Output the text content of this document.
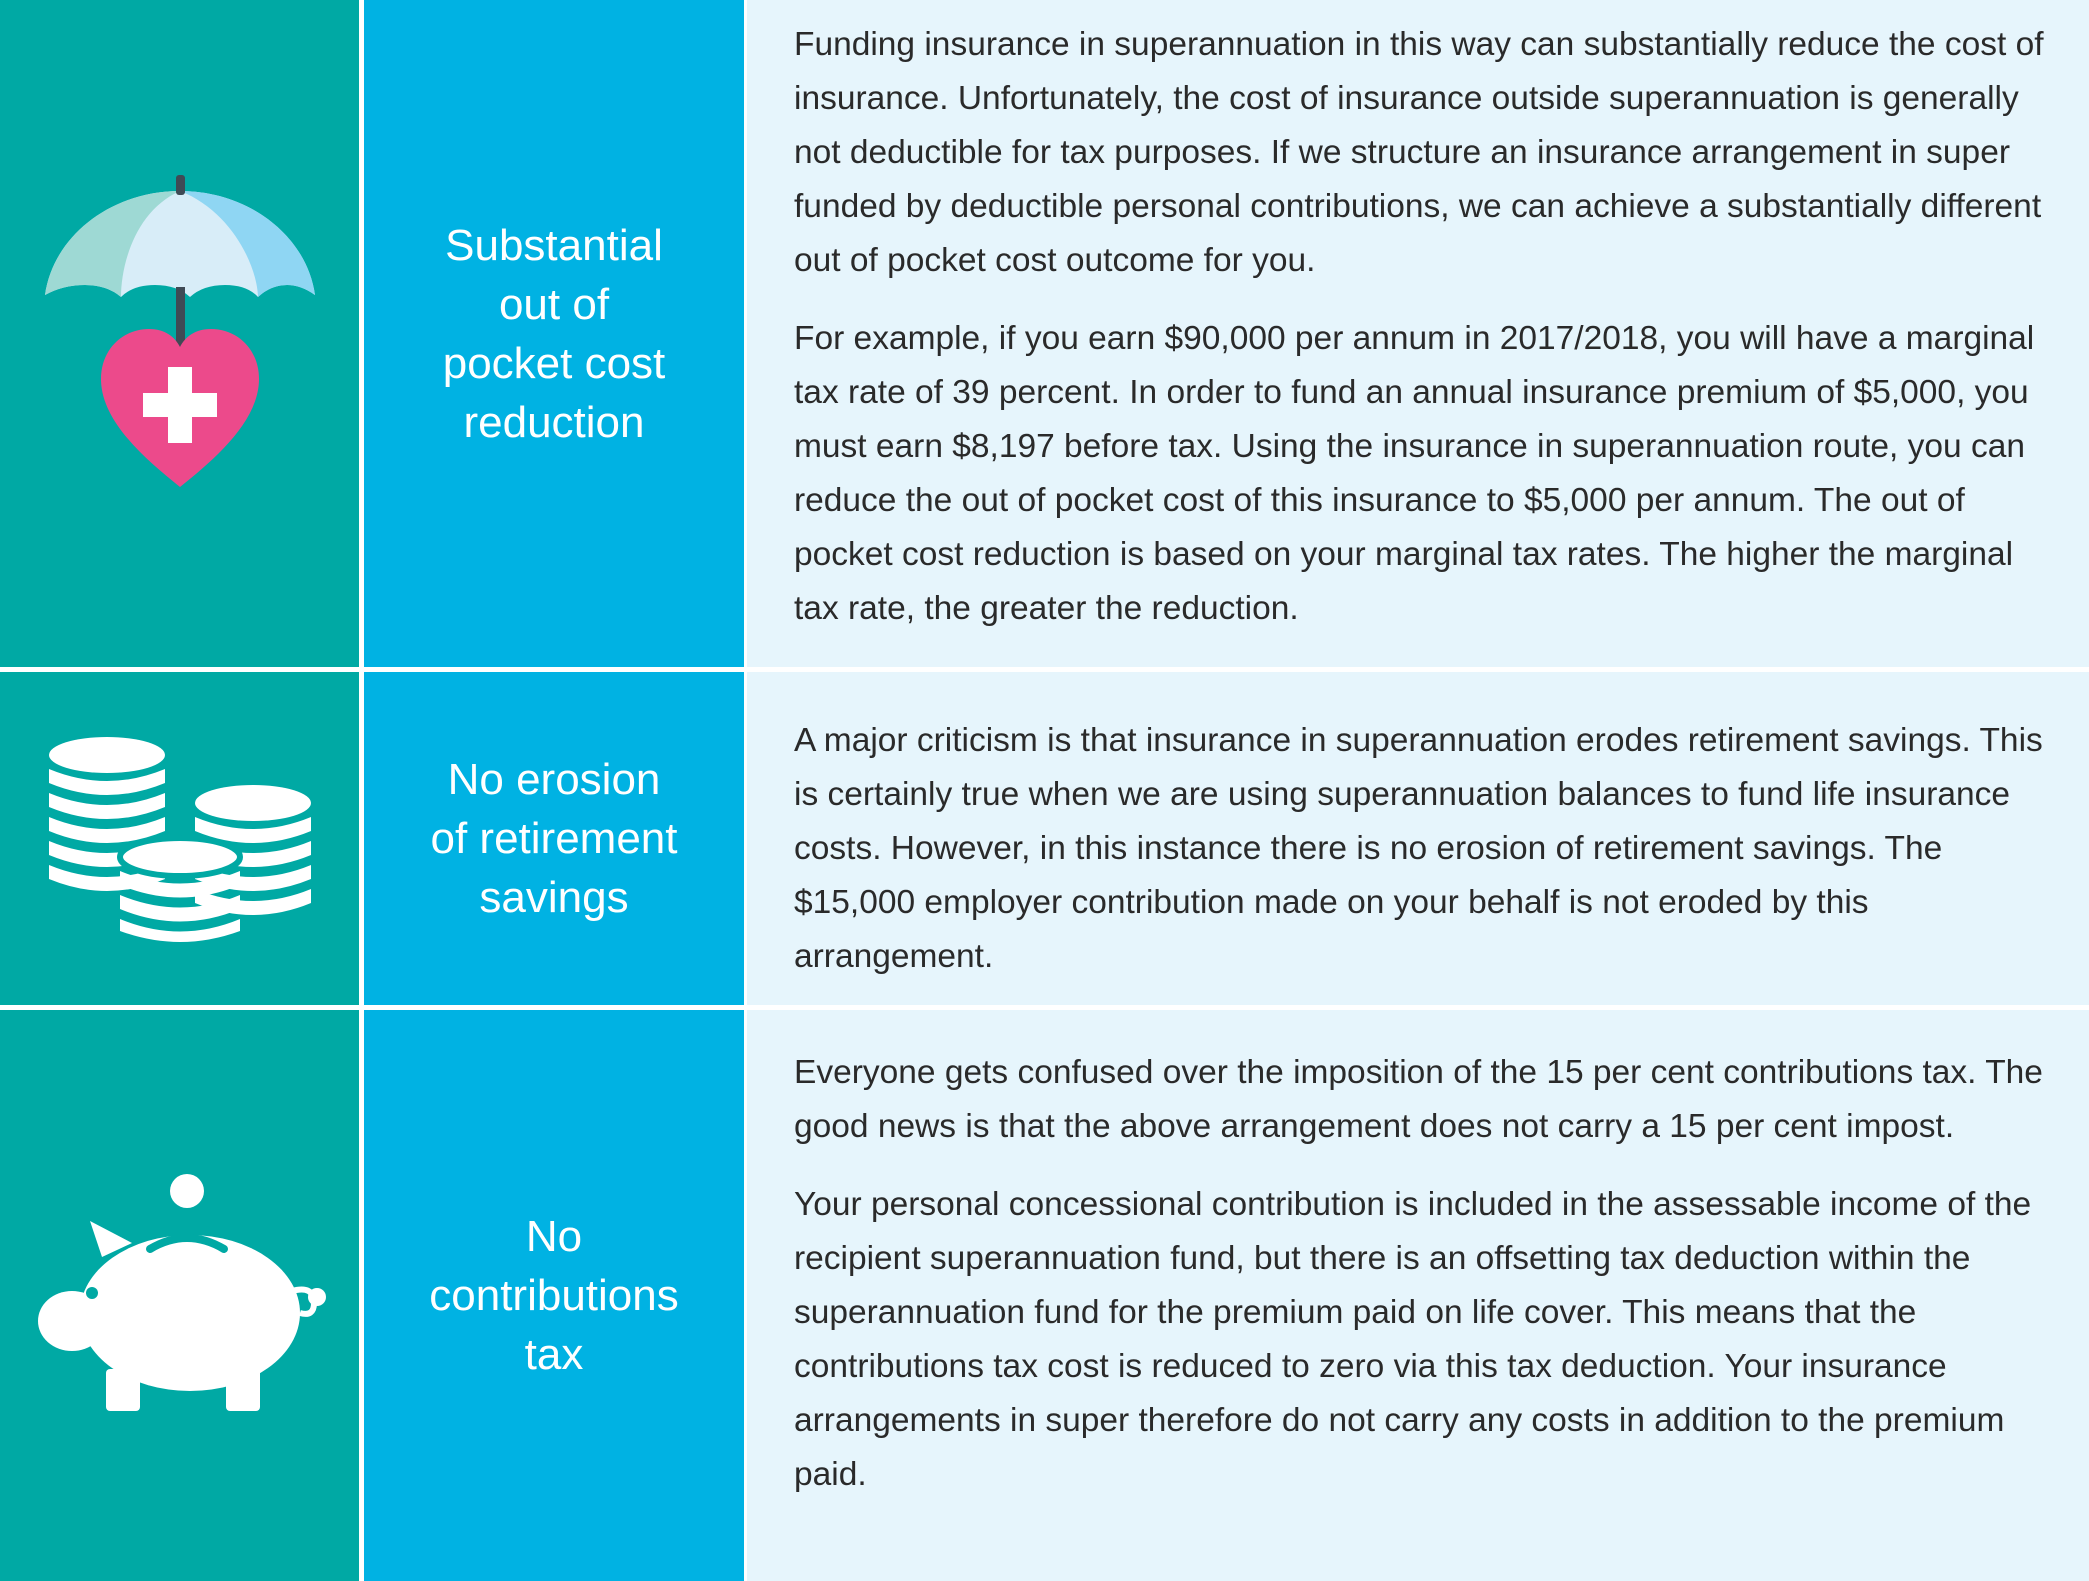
Substantial
out of
pocket cost
reduction

Funding insurance in superannuation in this way can substantially reduce the cost of insurance. Unfortunately, the cost of insurance outside superannuation is generally not deductible for tax purposes. If we structure an insurance arrangement in super funded by deductible personal contributions, we can achieve a substantially different out of pocket cost outcome for you.

For example, if you earn $90,000 per annum in 2017/2018, you will have a marginal tax rate of 39 percent. In order to fund an annual insurance premium of $5,000, you must earn $8,197 before tax. Using the insurance in superannuation route, you can reduce the out of pocket cost of this insurance to $5,000 per annum. The out of pocket cost reduction is based on your marginal tax rates. The higher the marginal tax rate, the greater the reduction.

No erosion
of retirement
savings

A major criticism is that insurance in superannuation erodes retirement savings. This is certainly true when we are using superannuation balances to fund life insurance costs. However, in this instance there is no erosion of retirement savings. The $15,000 employer contribution made on your behalf is not eroded by this arrangement.

No
contributions
tax

Everyone gets confused over the imposition of the 15 per cent contributions tax. The good news is that the above arrangement does not carry a 15 per cent impost.

Your personal concessional contribution is included in the assessable income of the recipient superannuation fund, but there is an offsetting tax deduction within the superannuation fund for the premium paid on life cover. This means that the contributions tax cost is reduced to zero via this tax deduction. Your insurance arrangements in super therefore do not carry any costs in addition to the premium paid.
